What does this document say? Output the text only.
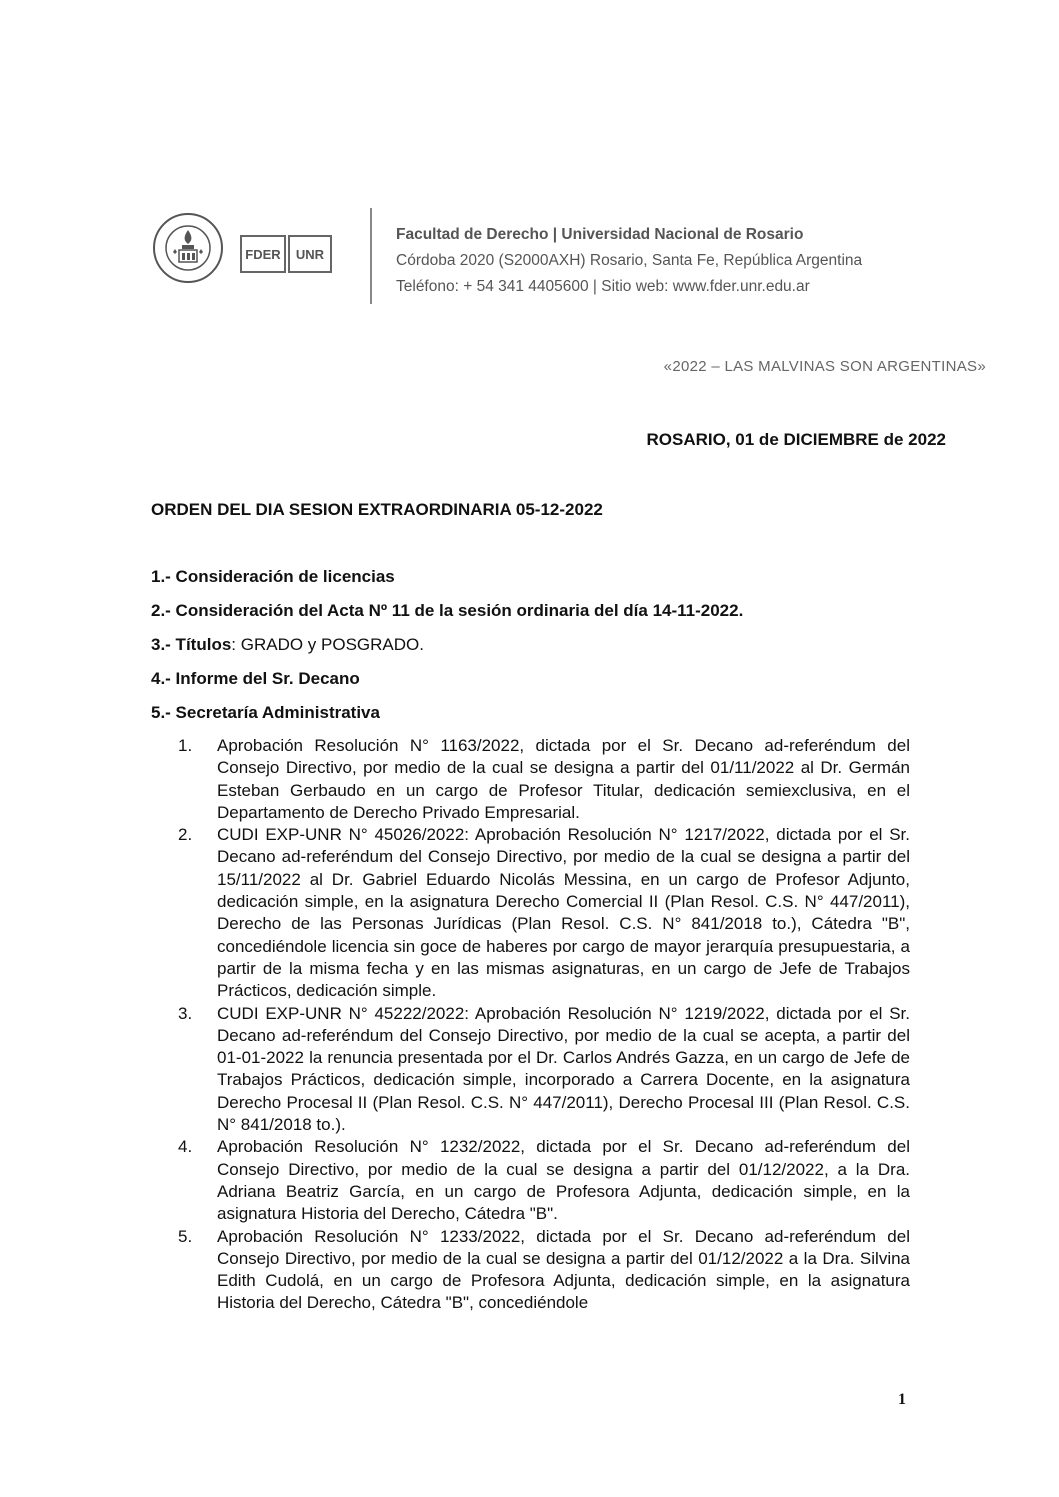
FDER	UNR
Facultad de Derecho | Universidad Nacional de Rosario
Córdoba 2020 (S2000AXH) Rosario, Santa Fe, República Argentina
Teléfono: + 54 341 4405600 | Sitio web: www.fder.unr.edu.ar
«2022 – LAS MALVINAS SON ARGENTINAS»
ROSARIO, 01 de DICIEMBRE de 2022
ORDEN DEL DIA SESION EXTRAORDINARIA 05-12-2022
1.- Consideración de licencias
2.- Consideración del Acta Nº 11 de la sesión ordinaria del día 14-11-2022.
3.- Títulos: GRADO y POSGRADO.
4.- Informe del Sr. Decano
5.- Secretaría Administrativa
1.	Aprobación Resolución N° 1163/2022, dictada por el Sr. Decano ad-referéndum del Consejo Directivo, por medio de la cual se designa a partir del 01/11/2022 al Dr. Germán Esteban Gerbaudo en un cargo de Profesor Titular, dedicación semiexclusiva, en el Departamento de Derecho Privado Empresarial.
2.	CUDI EXP-UNR N° 45026/2022: Aprobación Resolución N° 1217/2022, dictada por el Sr. Decano ad-referéndum del Consejo Directivo, por medio de la cual se designa a partir del 15/11/2022 al Dr. Gabriel Eduardo Nicolás Messina, en un cargo de Profesor Adjunto, dedicación simple, en la asignatura Derecho Comercial II (Plan Resol. C.S. N° 447/2011), Derecho de las Personas Jurídicas (Plan Resol. C.S. N° 841/2018 to.), Cátedra "B", concediéndole licencia sin goce de haberes por cargo de mayor jerarquía presupuestaria, a partir de la misma fecha y en las mismas asignaturas, en un cargo de Jefe de Trabajos Prácticos, dedicación simple.
3.	CUDI EXP-UNR N° 45222/2022: Aprobación Resolución N° 1219/2022, dictada por el Sr. Decano ad-referéndum del Consejo Directivo, por medio de la cual se acepta, a partir del 01-01-2022 la renuncia presentada por el Dr. Carlos Andrés Gazza, en un cargo de Jefe de Trabajos Prácticos, dedicación simple, incorporado a Carrera Docente, en la asignatura Derecho Procesal II (Plan Resol. C.S. N° 447/2011), Derecho Procesal III (Plan Resol. C.S. N° 841/2018 to.).
4.	Aprobación Resolución N° 1232/2022, dictada por el Sr. Decano ad-referéndum del Consejo Directivo, por medio de la cual se designa a partir del 01/12/2022, a la Dra. Adriana Beatriz García, en un cargo de Profesora Adjunta, dedicación simple, en la asignatura Historia del Derecho, Cátedra "B".
5.	Aprobación Resolución N° 1233/2022, dictada por el Sr. Decano ad-referéndum del Consejo Directivo, por medio de la cual se designa a partir del 01/12/2022 a la Dra. Silvina Edith Cudolá, en un cargo de Profesora Adjunta, dedicación simple, en la asignatura Historia del Derecho, Cátedra "B", concediéndole
1
